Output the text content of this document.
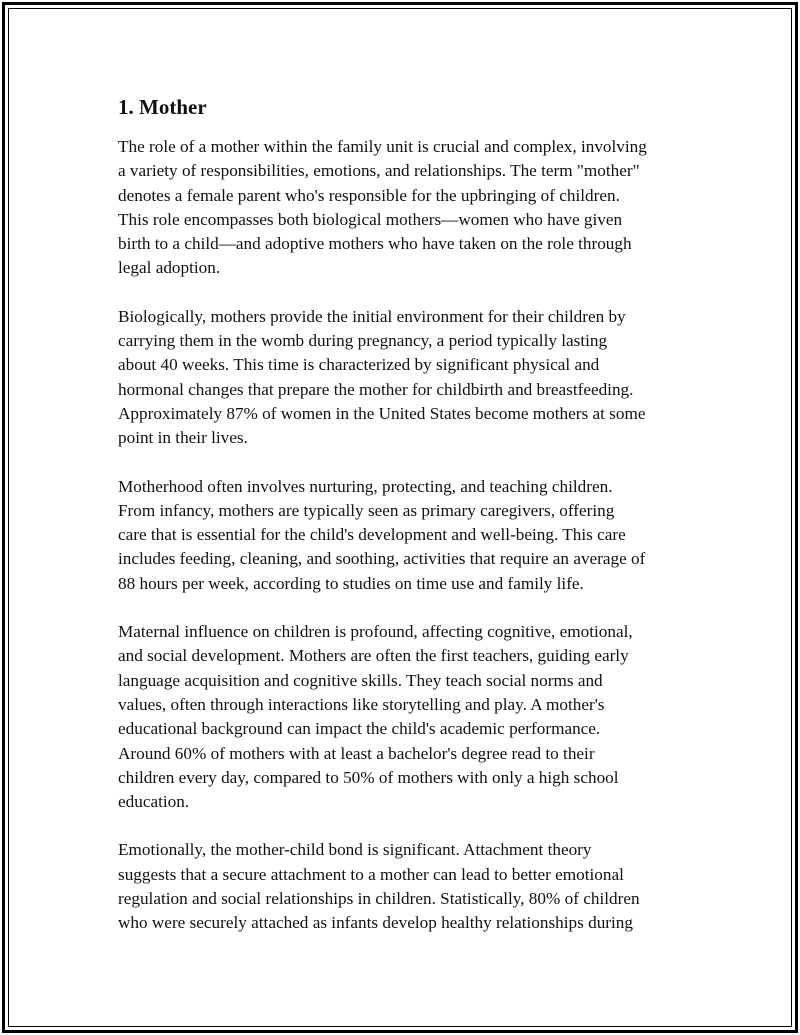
1. Mother

The role of a mother within the family unit is crucial and complex, involving
a variety of responsibilities, emotions, and relationships. The term "mother"
denotes a female parent who's responsible for the upbringing of children.
This role encompasses both biological mothers—women who have given
birth to a child—and adoptive mothers who have taken on the role through
legal adoption.

Biologically, mothers provide the initial environment for their children by
carrying them in the womb during pregnancy, a period typically lasting
about 40 weeks. This time is characterized by significant physical and
hormonal changes that prepare the mother for childbirth and breastfeeding.
Approximately 87% of women in the United States become mothers at some
point in their lives.

Motherhood often involves nurturing, protecting, and teaching children.
From infancy, mothers are typically seen as primary caregivers, offering
care that is essential for the child's development and well-being. This care
includes feeding, cleaning, and soothing, activities that require an average of
88 hours per week, according to studies on time use and family life.

Maternal influence on children is profound, affecting cognitive, emotional,
and social development. Mothers are often the first teachers, guiding early
language acquisition and cognitive skills. They teach social norms and
values, often through interactions like storytelling and play. A mother's
educational background can impact the child's academic performance.
Around 60% of mothers with at least a bachelor's degree read to their
children every day, compared to 50% of mothers with only a high school
education.

Emotionally, the mother-child bond is significant. Attachment theory
suggests that a secure attachment to a mother can lead to better emotional
regulation and social relationships in children. Statistically, 80% of children
who were securely attached as infants develop healthy relationships during
